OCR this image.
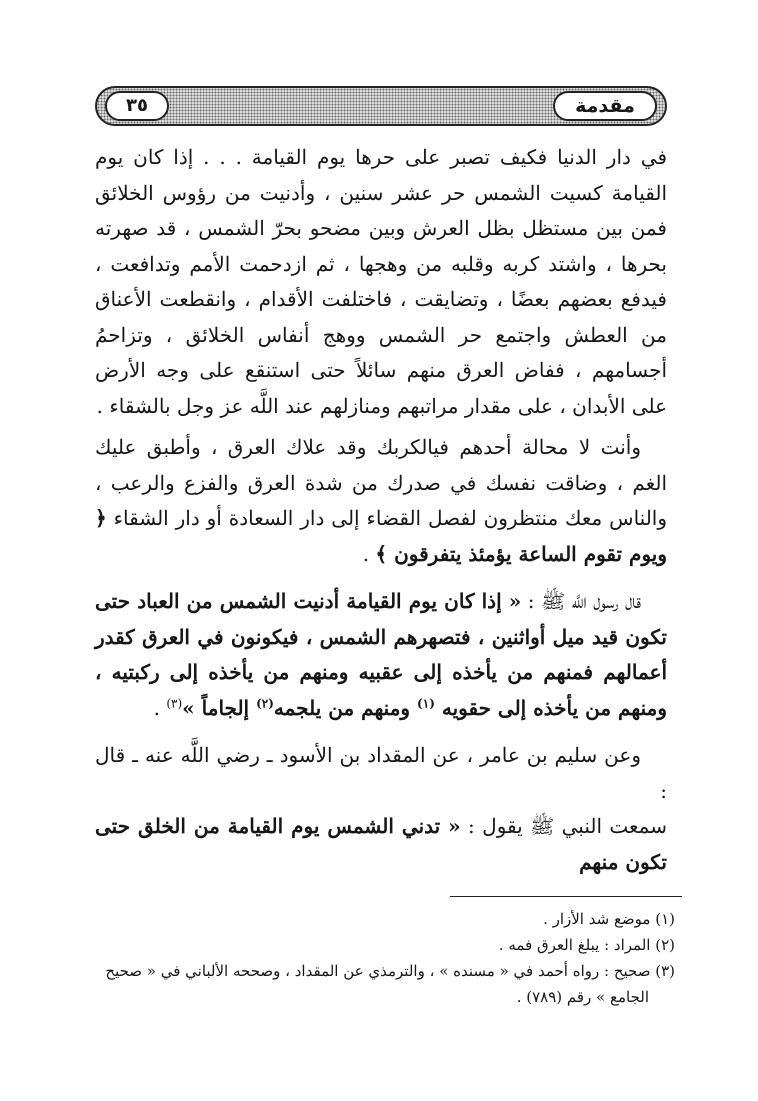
٣٥	مقدمة

في دار الدنيا فكيف تصبر على حرها يوم القيامة . . . إذا كان يوم القيامة كسيت الشمس حر عشر سنين ، وأدنيت من رؤوس الخلائق فمن بين مستظل بظل العرش وبين مضحو بحرّ الشمس ، قد صهرته بحرها ، واشتد كربه وقلبه من وهجها ، ثم ازدحمت الأمم وتدافعت ، فيدفع بعضهم بعضًا ، وتضايقت ، فاختلفت الأقدام ، وانقطعت الأعناق من العطش واجتمع حر الشمس ووهج أنفاس الخلائق ، وتزاحمُ أجسامهم ، ففاض العرق منهم سائلاً حتى استنقع على وجه الأرض على الأبدان ، على مقدار مراتبهم ومنازلهم عند اللَّه عز وجل بالشقاء .

وأنت لا محالة أحدهم فيالكربك وقد علاك العرق ، وأطبق عليك الغم ، وضاقت نفسك في صدرك من شدة العرق والفزع والرعب ، والناس معك منتظرون لفصل القضاء إلى دار السعادة أو دار الشقاء ﴿ ويوم تقوم الساعة يؤمئذ يتفرقون ﴾ .

قال رسول اللَّه ﷺ : « إذا كان يوم القيامة أدنيت الشمس من العباد حتى تكون قيد ميل أواثنين ، فتصهرهم الشمس ، فيكونون في العرق كقدر أعمالهم فمنهم من يأخذه إلى عقبيه ومنهم من يأخذه إلى ركبتيه ، ومنهم من يأخذه إلى حقويه $^{(١)}$ ومنهم من يلجمه$^{(٢)}$ إلجاماً »$^{(٣)}$ .

وعن سليم بن عامر ، عن المقداد بن الأسود ـ رضي اللَّه عنه ـ قال :

سمعت النبي ﷺ يقول : « تدني الشمس يوم القيامة من الخلق حتى تكون منهم

(١) موضع شد الأزار .

(٢) المراد : يبلغ العرق فمه .

(٣) صحيح : رواه أحمد في « مسنده » ، والترمذي عن المقداد ، وصححه الألباني في « صحيح

الجامع » رقم (٧٨٩) .
